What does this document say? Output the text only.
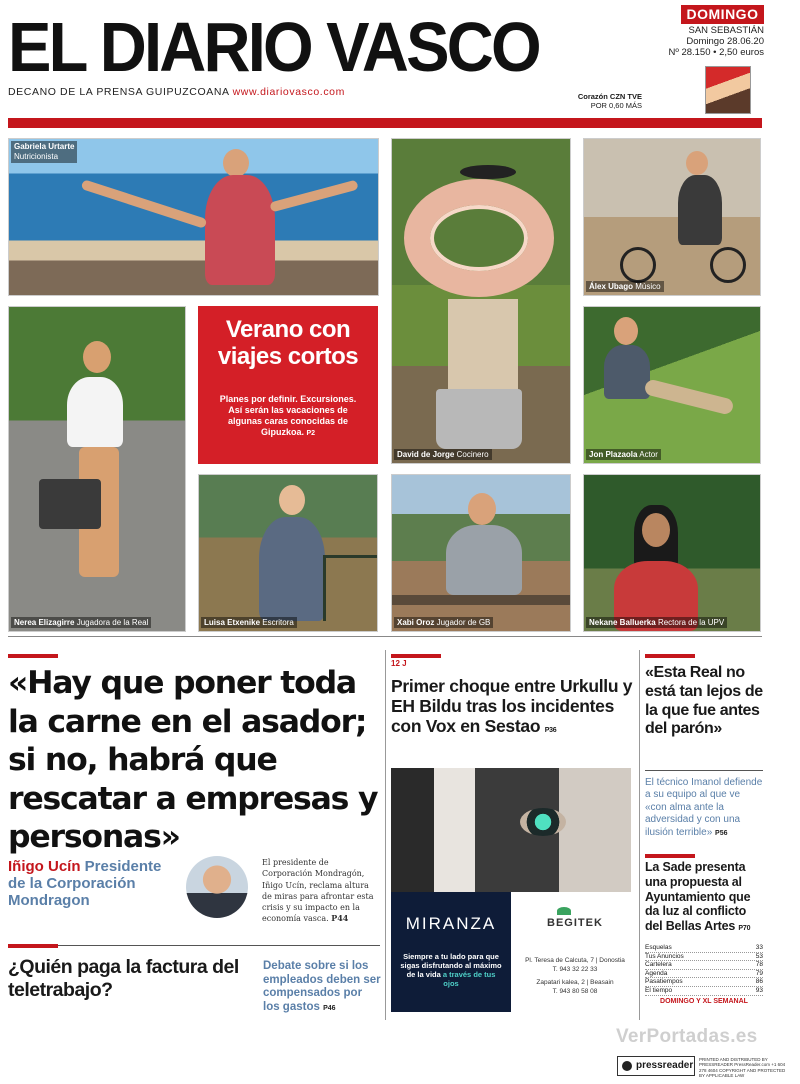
EL DIARIO VASCO
DECANO DE LA PRENSA GUIPUZCOANA www.diariovasco.com
DOMINGO
SAN SEBASTIÁN
Domingo 28.06.20
Nº 28.150 • 2,50 euros
Corazón CZN TVE
POR 0,60 MÁS
Gabriela Urtarte
Nutricionista
David de Jorge Cocinero
Álex Ubago Músico
Nerea Elizagirre Jugadora de la Real
Verano con viajes cortos
Planes por definir. Excursiones. Así serán las vacaciones de algunas caras conocidas de Gipuzkoa. P2
Jon Plazaola Actor
Luisa Etxenike Escritora	Xabi Oroz Jugador de GB	Nekane Balluerka Rectora de la UPV
«Hay que poner toda la carne en el asador; si no, habrá que rescatar a empresas y personas»
Iñigo Ucín Presidente de la Corporación Mondragon
El presidente de Corporación Mondragón, Iñigo Ucín, reclama altura de miras para afrontar esta crisis y su impacto en la economía vasca. P44
¿Quién paga la factura del teletrabajo?
Debate sobre si los empleados deben ser compensados por los gastos P46
12 J
Primer choque entre Urkullu y EH Bildu tras los incidentes con Vox en Sestao P36
MIRANZA
Siempre a tu lado para que sigas disfrutando al máximo de la vida a través de tus ojos
BEGITEK
Pl. Teresa de Calcuta, 7 | Donostia
T. 943 32 22 33
Zapatari kalea, 2 | Beasain
T. 943 80 58 08
«Esta Real no está tan lejos de la que fue antes del parón»
El técnico Imanol defiende a su equipo al que ve «con alma ante la adversidad y con una ilusión terrible» P56
La Sade presenta una propuesta al Ayuntamiento que da luz al conflicto del Bellas Artes P70
Esquelas	33
Tus Anuncios	53
Cartelera	78
Agenda	79
Pasatiempos	86
El tiempo	93
DOMINGO Y XL SEMANAL
VerPortadas.es
pressreader
PRINTED AND DISTRIBUTED BY PRESSREADER PressReader.com +1 604 278 4604 COPYRIGHT AND PROTECTED BY APPLICABLE LAW
